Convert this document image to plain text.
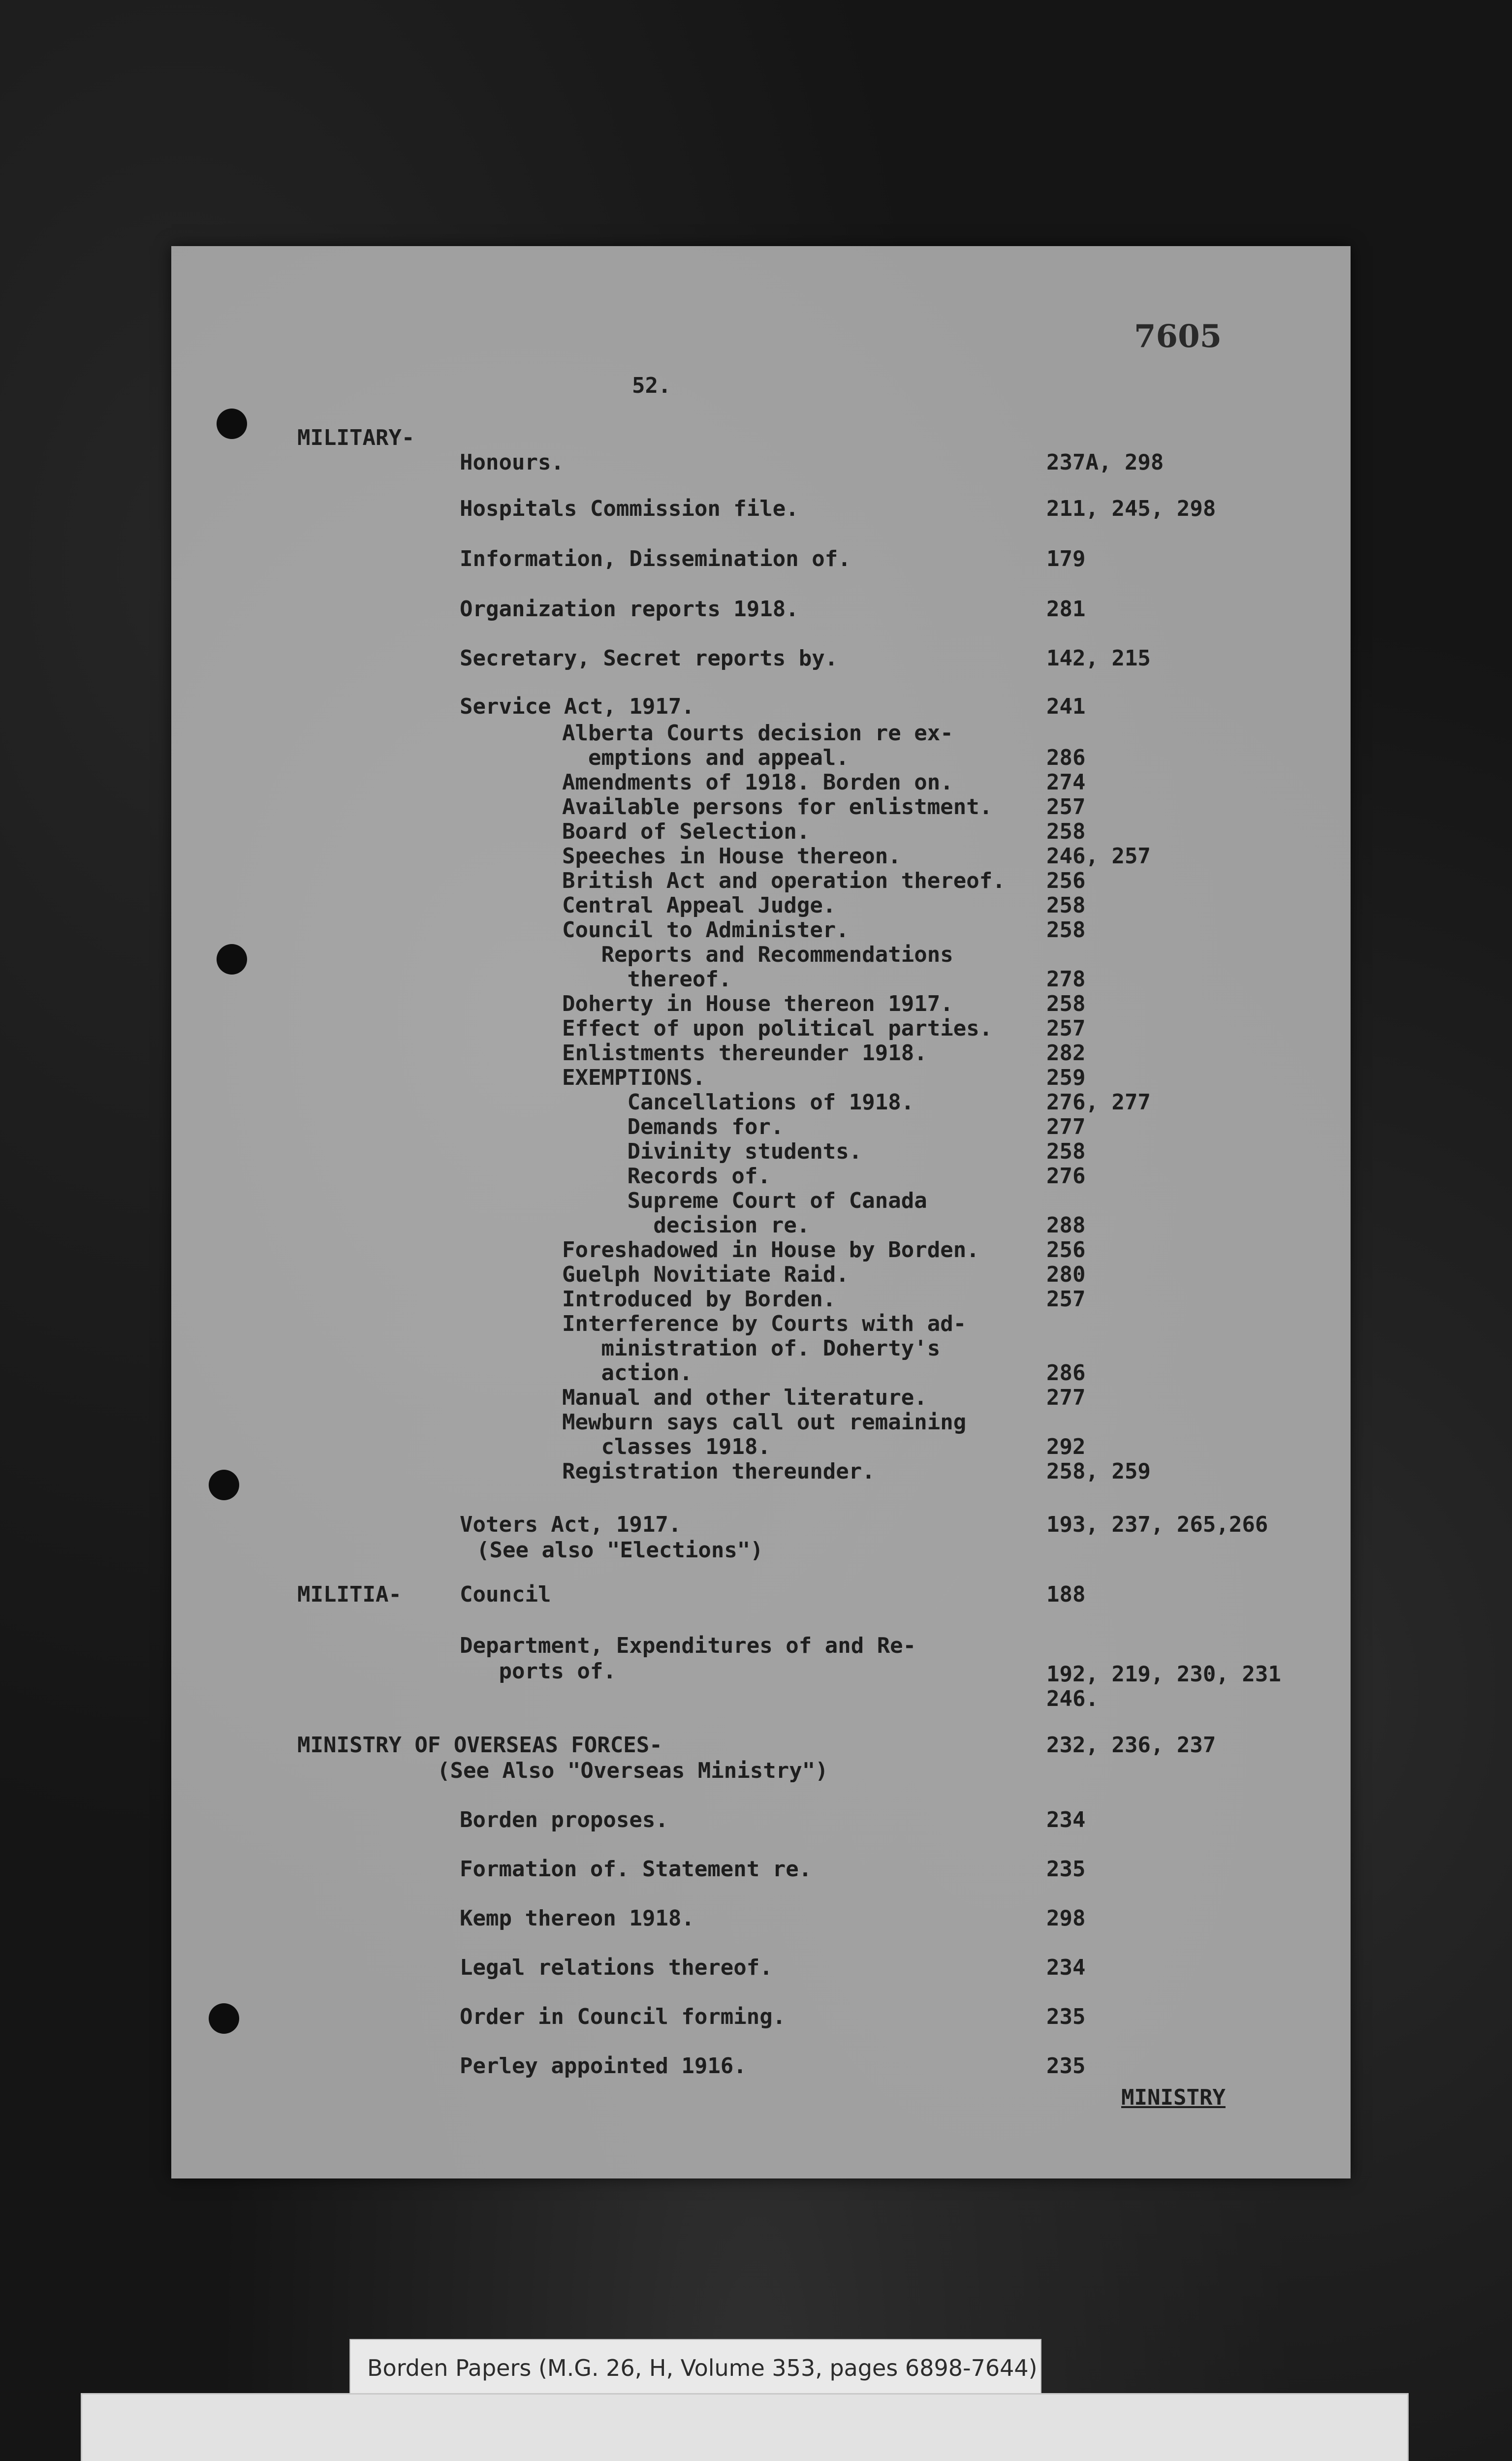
7605
52.
MILITARY-
Honours.	237A, 298
Hospitals Commission file.	211, 245, 298
Information, Dissemination of.	179
Organization reports 1918.	281
Secretary, Secret reports by.	142, 215
Service Act, 1917.	241
Alberta Courts decision re ex-
emptions and appeal.	286
Amendments of 1918. Borden on.	274
Available persons for enlistment. 257
Board of Selection.	258
Speeches in House thereon.	246, 257
British Act and operation thereof. 256
Central Appeal Judge.	258
Council to Administer.	258
Reports and Recommendations
thereof.	278
Doherty in House thereon 1917.	258
Effect of upon political parties. 257
Enlistments thereunder 1918.	282
EXEMPTIONS.	259
Cancellations of 1918.	276, 277
Demands for.	277
Divinity students.	258
Records of.	276
Supreme Court of Canada
decision re.	288
Foreshadowed in House by Borden.	256
Guelph Novitiate Raid.	280
Introduced by Borden.	257
Interference by Courts with ad-
ministration of. Doherty's
action.	286
Manual and other literature.	277
Mewburn says call out remaining
classes 1918.	292
Registration thereunder.	258, 259
Voters Act, 1917.	193, 237, 265,266
(See also "Elections")
MILITIA-	Council	188
Department, Expenditures of and Re-
ports of.	192, 219, 230, 231
246.
MINISTRY OF OVERSEAS FORCES-	232, 236, 237
(See Also "Overseas Ministry")
Borden proposes.	234
Formation of. Statement re.	235
Kemp thereon 1918.	298
Legal relations thereof.	234
Order in Council forming.	235
Perley appointed 1916.	235
MINISTRY
Borden Papers (M.G. 26, H, Volume 353, pages 6898-7644)
